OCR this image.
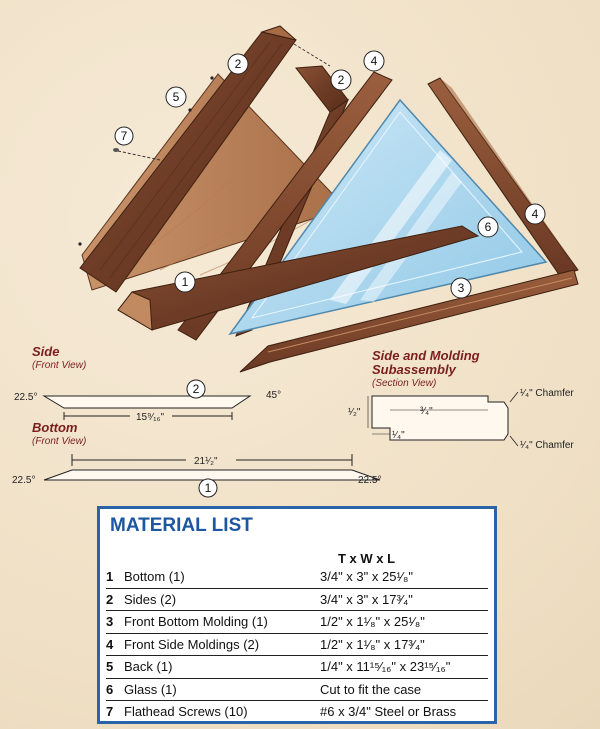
5
2
2
4
7
6
4
1	3
Side
(Front View)
2
22.5°	45°
15⁹⁄₁₆"
Bottom
(Front View)
21¹⁄₂"
22.5°	22.5°
1
Side and Molding
Subassembly
(Section View)
³⁄₄"
¹⁄₂"
¹⁄₄"
¹⁄₄" Chamfer
¹⁄₄" Chamfer
MATERIAL LIST
T x W x L
1 Bottom (1)	3/4" x 3" x 25¹⁄₈"
2 Sides (2)	3/4" x 3" x 17³⁄₄"
3 Front Bottom Molding (1)	1/2" x 1¹⁄₈" x 25¹⁄₈"
4 Front Side Moldings (2)	1/2" x 1¹⁄₈" x 17³⁄₄"
5 Back (1)	1/4" x 11¹⁵⁄₁₆" x 23¹⁵⁄₁₆"
6 Glass (1)	Cut to fit the case
7 Flathead Screws (10)	#6 x 3/4" Steel or Brass
